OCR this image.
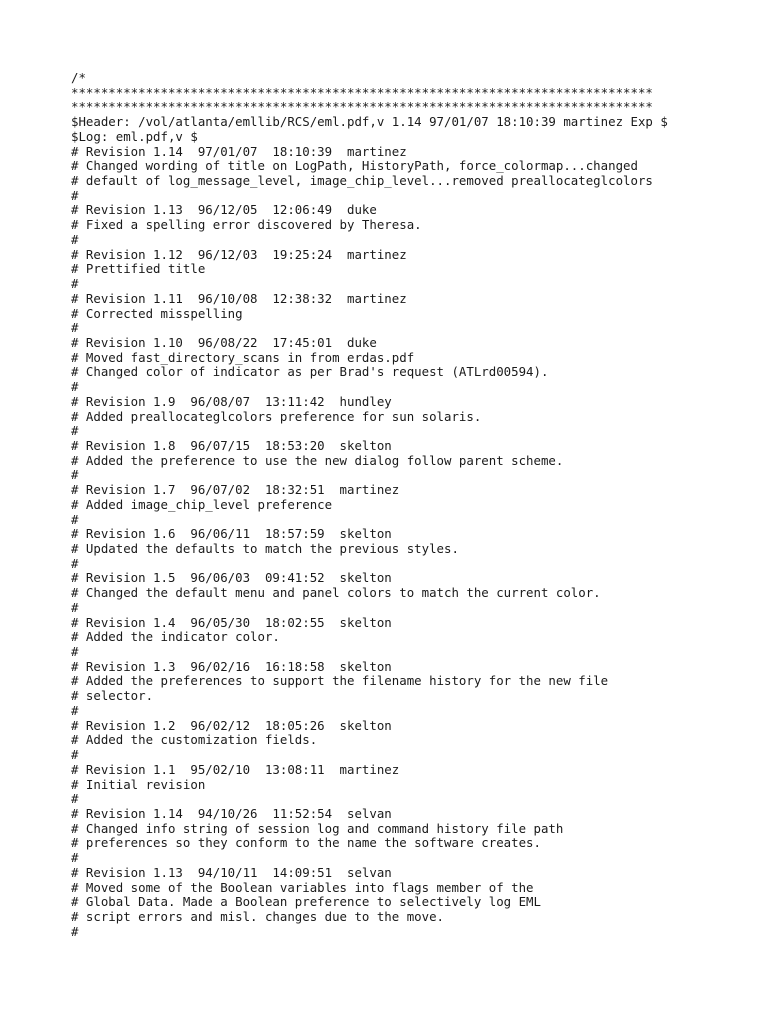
/*
******************************************************************************
******************************************************************************
$Header: /vol/atlanta/emllib/RCS/eml.pdf,v 1.14 97/01/07 18:10:39 martinez Exp $
$Log: eml.pdf,v $
# Revision 1.14  97/01/07  18:10:39  martinez
# Changed wording of title on LogPath, HistoryPath, force_colormap...changed
# default of log_message_level, image_chip_level...removed preallocateglcolors
#
# Revision 1.13  96/12/05  12:06:49  duke
# Fixed a spelling error discovered by Theresa.
#
# Revision 1.12  96/12/03  19:25:24  martinez
# Prettified title
#
# Revision 1.11  96/10/08  12:38:32  martinez
# Corrected misspelling
#
# Revision 1.10  96/08/22  17:45:01  duke
# Moved fast_directory_scans in from erdas.pdf
# Changed color of indicator as per Brad's request (ATLrd00594).
#
# Revision 1.9  96/08/07  13:11:42  hundley
# Added preallocateglcolors preference for sun solaris.
#
# Revision 1.8  96/07/15  18:53:20  skelton
# Added the preference to use the new dialog follow parent scheme.
#
# Revision 1.7  96/07/02  18:32:51  martinez
# Added image_chip_level preference
#
# Revision 1.6  96/06/11  18:57:59  skelton
# Updated the defaults to match the previous styles.
#
# Revision 1.5  96/06/03  09:41:52  skelton
# Changed the default menu and panel colors to match the current color.
#
# Revision 1.4  96/05/30  18:02:55  skelton
# Added the indicator color.
#
# Revision 1.3  96/02/16  16:18:58  skelton
# Added the preferences to support the filename history for the new file
# selector.
#
# Revision 1.2  96/02/12  18:05:26  skelton
# Added the customization fields.
#
# Revision 1.1  95/02/10  13:08:11  martinez
# Initial revision
#
# Revision 1.14  94/10/26  11:52:54  selvan
# Changed info string of session log and command history file path
# preferences so they conform to the name the software creates.
#
# Revision 1.13  94/10/11  14:09:51  selvan
# Moved some of the Boolean variables into flags member of the
# Global Data. Made a Boolean preference to selectively log EML
# script errors and misl. changes due to the move.
#
